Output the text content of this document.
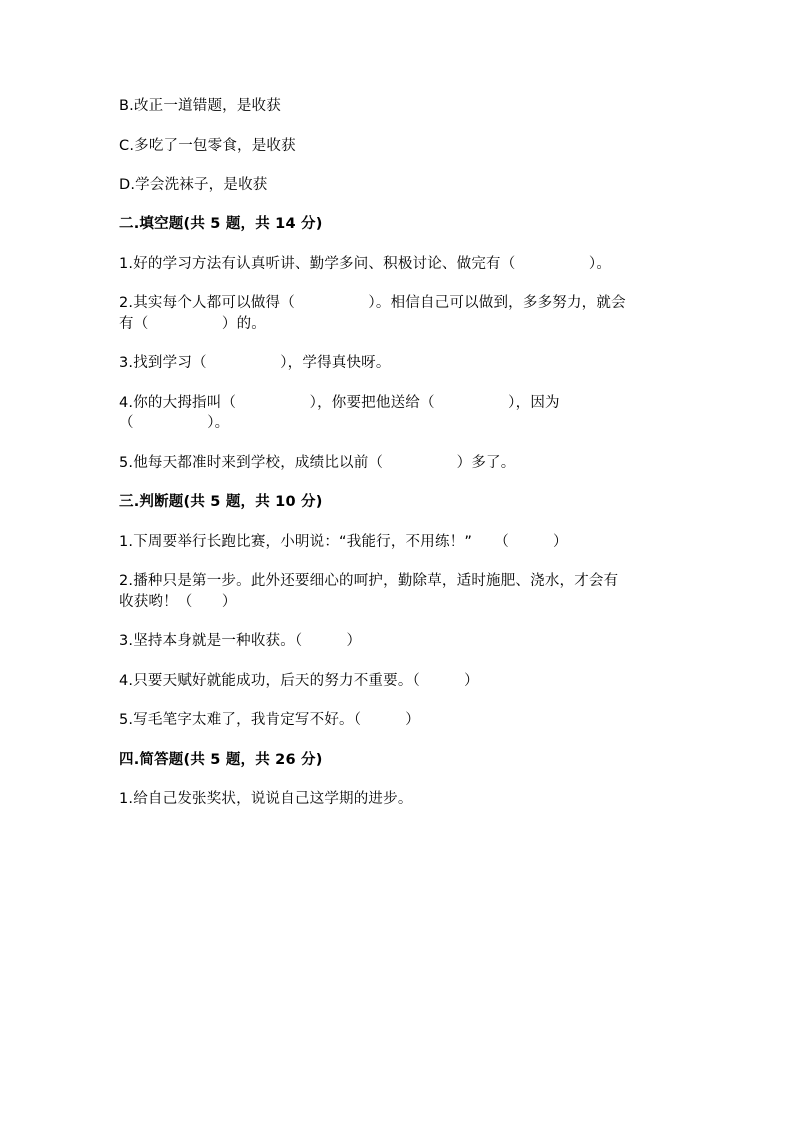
B.改正一道错题，是收获
C.多吃了一包零食，是收获
D.学会洗袜子，是收获
二.填空题(共 5 题，共 14 分)
1.好的学习方法有认真听讲、勤学多问、积极讨论、做完有（　　　　　）。
2.其实每个人都可以做得（　　　　　）。相信自己可以做到，多多努力，就会
有（　　　　　）的。
3.找到学习（　　　　　），学得真快呀。
4.你的大拇指叫（　　　　　），你要把他送给（　　　　　），因为
（　　　　　）。
5.他每天都准时来到学校，成绩比以前（　　　　　）多了。
三.判断题(共 5 题，共 10 分)
1.下周要举行长跑比赛，小明说：“我能行，不用练！”　　（　　　）
2.播种只是第一步。此外还要细心的呵护，勤除草，适时施肥、浇水，才会有
收获哟！（　　）
3.坚持本身就是一种收获。（　　　）
4.只要天赋好就能成功，后天的努力不重要。（　　　）
5.写毛笔字太难了，我肯定写不好。（　　　）
四.简答题(共 5 题，共 26 分)
1.给自己发张奖状，说说自己这学期的进步。
